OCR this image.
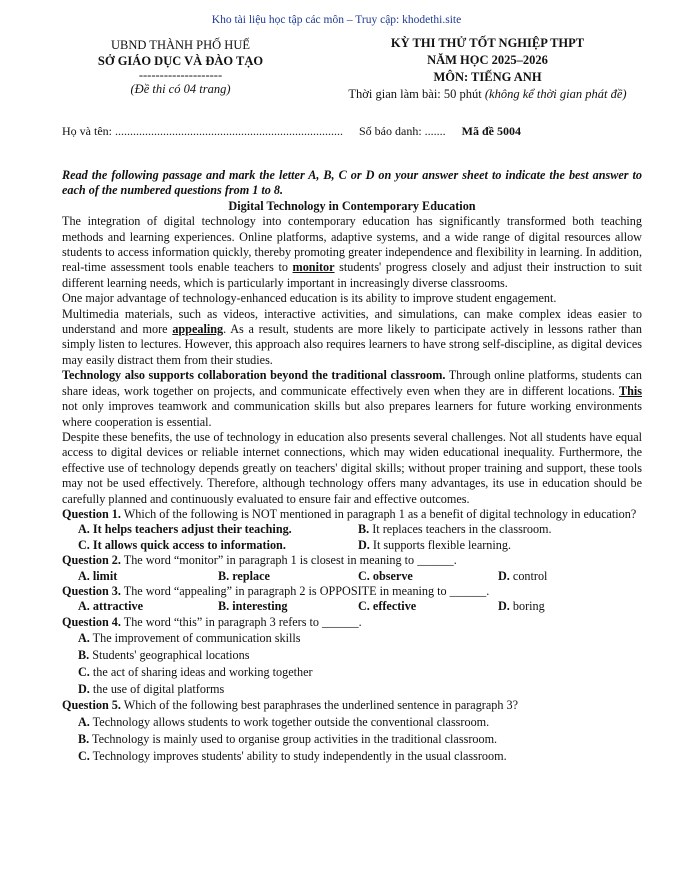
Kho tài liệu học tập các môn – Truy cập: khodethi.site
UBND THÀNH PHỐ HUẾ
SỞ GIÁO DỤC VÀ ĐÀO TẠO
--------------------
(Đề thi có 04 trang)
KỲ THI THỬ TỐT NGHIỆP THPT
NĂM HỌC 2025–2026
MÔN: TIẾNG ANH
Thời gian làm bài: 50 phút (không kể thời gian phát đề)
Họ và tên: ............................................................................ Số báo danh: ....... Mã đề 5004

Read the following passage and mark the letter A, B, C or D on your answer sheet to indicate the best answer to each of the numbered questions from 1 to 8.

Digital Technology in Contemporary Education

The integration of digital technology into contemporary education has significantly transformed both teaching methods and learning experiences. Online platforms, adaptive systems, and a wide range of digital resources allow students to access information quickly, thereby promoting greater independence and flexibility in learning. In addition, real-time assessment tools enable teachers to monitor students' progress closely and adjust their instruction to suit different learning needs, which is particularly important in increasingly diverse classrooms.

One major advantage of technology-enhanced education is its ability to improve student engagement.

Multimedia materials, such as videos, interactive activities, and simulations, can make complex ideas easier to understand and more appealing. As a result, students are more likely to participate actively in lessons rather than simply listen to lectures. However, this approach also requires learners to have strong self-discipline, as digital devices may easily distract them from their studies.

Technology also supports collaboration beyond the traditional classroom. Through online platforms, students can share ideas, work together on projects, and communicate effectively even when they are in different locations. This not only improves teamwork and communication skills but also prepares learners for future working environments where cooperation is essential.

Despite these benefits, the use of technology in education also presents several challenges. Not all students have equal access to digital devices or reliable internet connections, which may widen educational inequality. Furthermore, the effective use of technology depends greatly on teachers' digital skills; without proper training and support, these tools may not be used effectively. Therefore, although technology offers many advantages, its use in education should be carefully planned and continuously evaluated to ensure fair and effective outcomes.

Question 1. Which of the following is NOT mentioned in paragraph 1 as a benefit of digital technology in education?

A. It helps teachers adjust their teaching.	B. It replaces teachers in the classroom.
C. It allows quick access to information.	D. It supports flexible learning.

Question 2. The word “monitor” in paragraph 1 is closest in meaning to ______.

A. limit	B. replace	C. observe	D. control

Question 3. The word “appealing” in paragraph 2 is OPPOSITE in meaning to ______.

A. attractive	B. interesting	C. effective	D. boring

Question 4. The word “this” in paragraph 3 refers to ______.

A. The improvement of communication skills
B. Students' geographical locations
C. the act of sharing ideas and working together
D. the use of digital platforms

Question 5. Which of the following best paraphrases the underlined sentence in paragraph 3?

A. Technology allows students to work together outside the conventional classroom.
B. Technology is mainly used to organise group activities in the traditional classroom.
C. Technology improves students' ability to study independently in the usual classroom.
